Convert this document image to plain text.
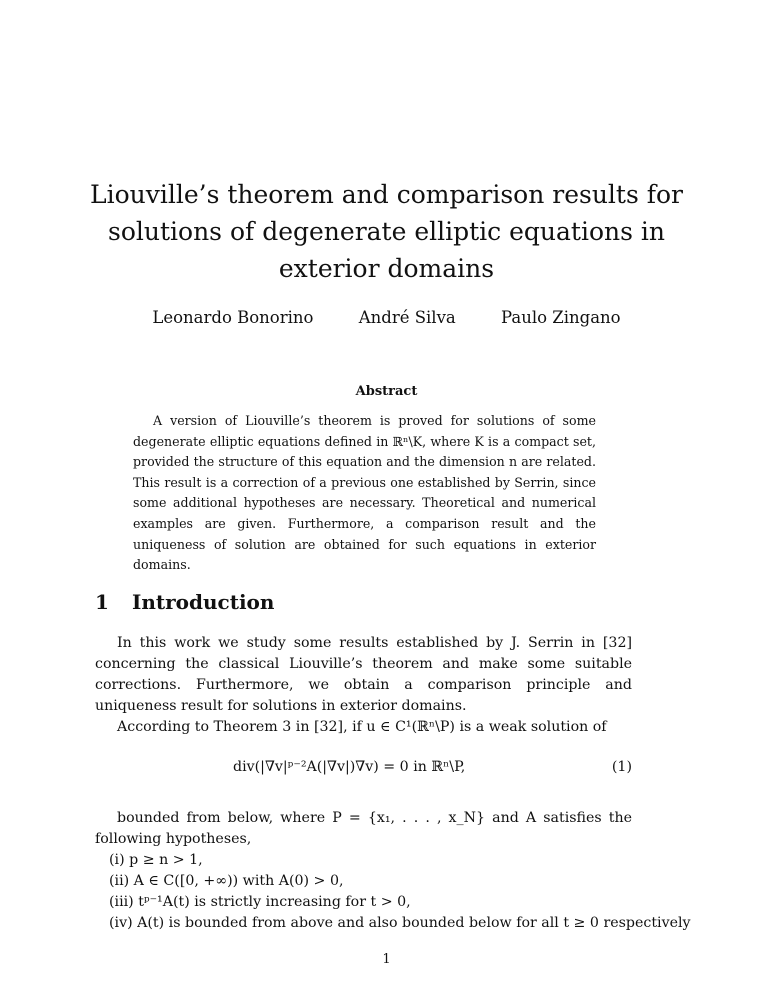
Liouville’s theorem and comparison results for solutions of degenerate elliptic equations in exterior domains
Leonardo Bonorino	André Silva	Paulo Zingano
Abstract

A version of Liouville’s theorem is proved for solutions of some degenerate elliptic equations defined in ℝⁿ\K, where K is a compact set, provided the structure of this equation and the dimension n are related. This result is a correction of a previous one established by Serrin, since some additional hypotheses are necessary. Theoretical and numerical examples are given. Furthermore, a comparison result and the uniqueness of solution are obtained for such equations in exterior domains.

1 Introduction

In this work we study some results established by J. Serrin in [32] concerning the classical Liouville’s theorem and make some suitable corrections. Furthermore, we obtain a comparison principle and uniqueness result for solutions in exterior domains.

According to Theorem 3 in [32], if u ∈ C¹(ℝⁿ\P) is a weak solution of

div(|∇v|ᵖ⁻²A(|∇v|)∇v) = 0 in ℝⁿ\P,	(1)

bounded from below, where P = {x₁, . . . , x_N} and A satisfies the following hypotheses,

(i) p ≥ n > 1,

(ii) A ∈ C([0, +∞)) with A(0) > 0,

(iii) tᵖ⁻¹A(t) is strictly increasing for t > 0,

(iv) A(t) is bounded from above and also bounded below for all t ≥ 0 respectively

1
